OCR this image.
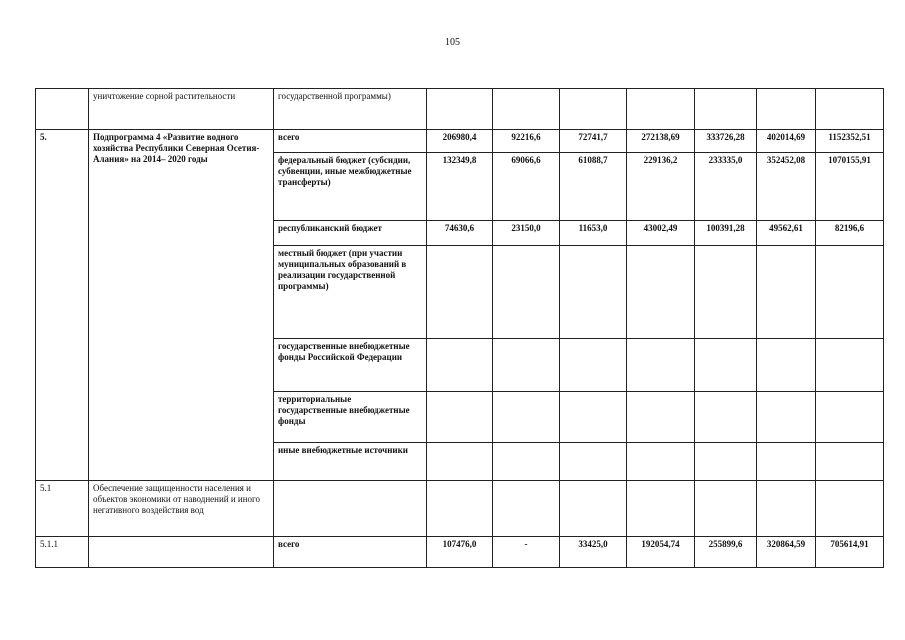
105
	уничтожение сорной растительности	государственной программы)							
5.	Подпрограмма 4 «Развитие водного хозяйства Республики Северная Осетия-Алания» на 2014– 2020 годы	всего	206980,4	92216,6	72741,7	272138,69	333726,28	402014,69	1152352,51
		федеральный бюджет (субсидии, субвенции, иные межбюджетные трансферты)	132349,8	69066,6	61088,7	229136,2	233335,0	352452,08	1070155,91
		республиканский бюджет	74630,6	23150,0	11653,0	43002,49	100391,28	49562,61	82196,6
		местный бюджет (при участии муниципальных образований в реализации государственной программы)							
		государственные внебюджетные фонды Российской Федерации							
		территориальные государственные внебюджетные фонды							
		иные внебюджетные источники							
5.1	Обеспечение защищенности населения и объектов экономики от наводнений и иного негативного воздействия вод								
5.1.1		всего	107476,0	-	33425,0	192054,74	255899,6	320864,59	705614,91
